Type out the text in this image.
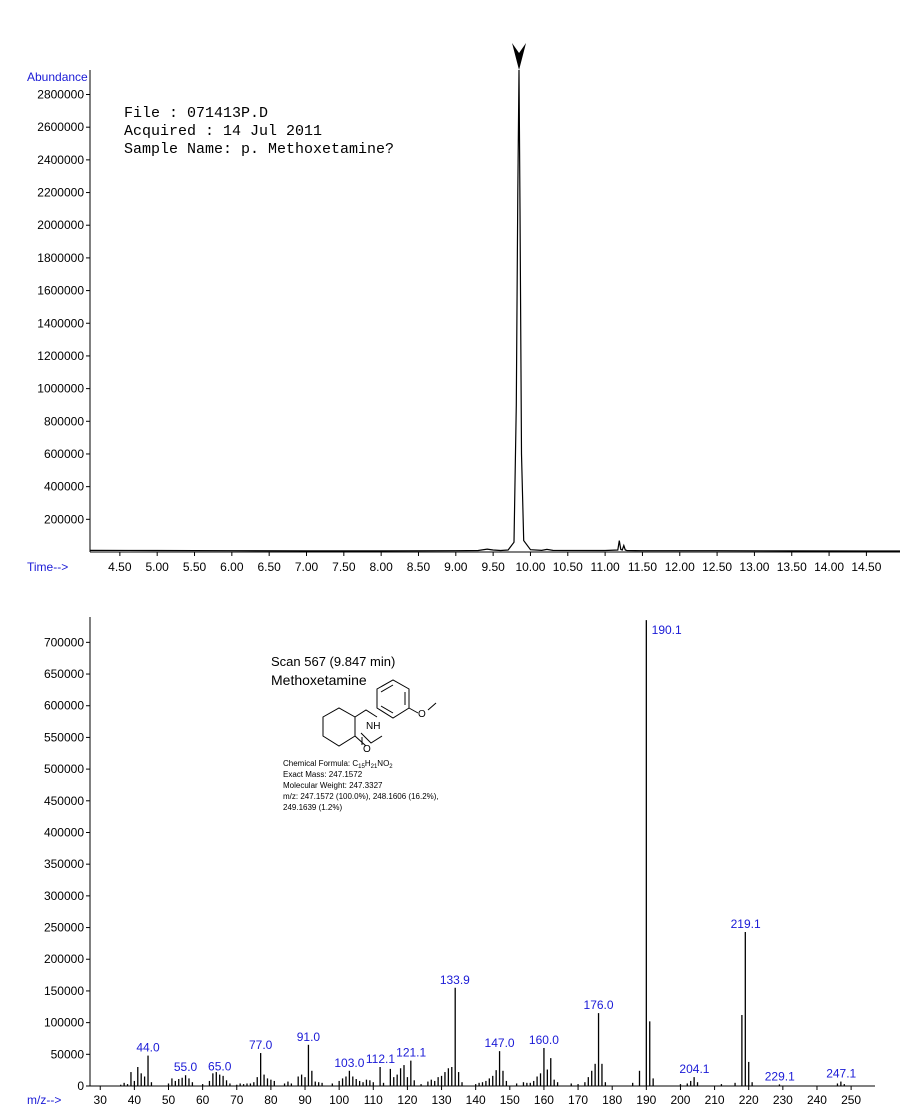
Abundance
Time-->
200000
400000
600000
800000
1000000
1200000
1400000
1600000
1800000
2000000
2200000
2400000
2600000
2800000
4.50 5.00 5.50 6.00 6.50 7.00 7.50 8.00 8.50 9.00 9.50 10.00 10.50 11.00 11.50 12.00 12.50 13.00 13.50 14.00 14.50
File : 071413P.D
Acquired : 14 Jul 2011
Sample Name: p. Methoxetamine?
m/z-->
0
50000
100000
150000
200000
250000
300000
350000
400000
450000
500000
550000
600000
650000
700000
30 40 50 60 70 80 90 100 110 120 130 140 150 160 170 180 190 200 210 220 230 240 250
44.0
55.0 65.0
77.0
91.0
103.0 112.1 121.1
133.9
147.0 160.0
176.0
190.1
204.1
219.1
229.1	247.1
Scan 567 (9.847 min)
Methoxetamine
NH
O
O
Chemical Formula: $C_{15}H_{21}NO_2$
Exact Mass: 247.1572
Molecular Weight: 247.3327
m/z: 247.1572 (100.0%), 248.1606 (16.2%),
249.1639 (1.2%)
